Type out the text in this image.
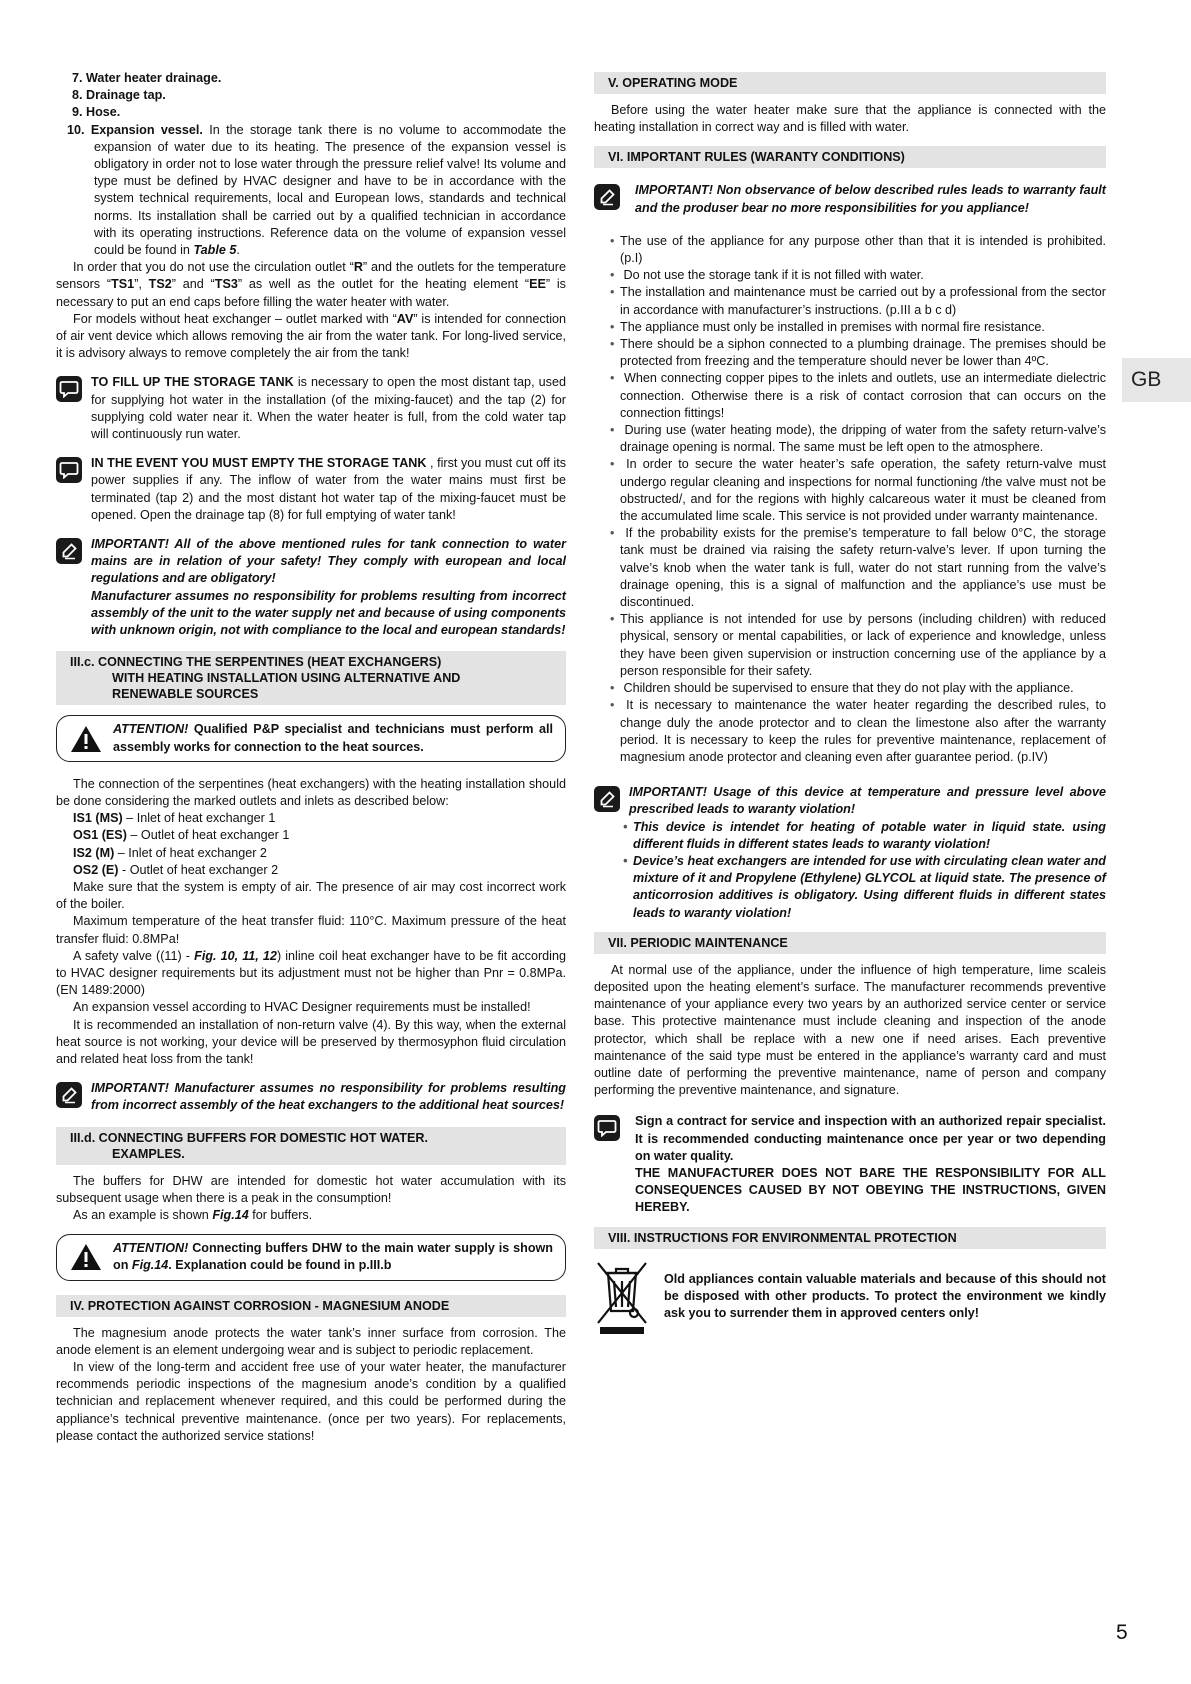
7. Water heater drainage.
8. Drainage tap.
9. Hose.
10. Expansion vessel. In the storage tank there is no volume to accommodate the expansion of water due to its heating. The presence of the expansion vessel is obligatory in order not to lose water through the pressure relief valve! Its volume and type must be defined by HVAC designer and have to be in accordance with the system technical requirements, local and European lows, standards and technical norms. Its installation shall be carried out by a qualified technician in accordance with its operating instructions. Reference data on the volume of expansion vessel could be found in Table 5.

In order that you do not use the circulation outlet “R” and the outlets for the temperature sensors “TS1”, TS2” and “TS3” as well as the outlet for the heating element “EE” is necessary to put an end caps before filling the water heater with water.

For models without heat exchanger – outlet marked with “AV” is intended for connection of air vent device which allows removing the air from the water tank. For long-lived service, it is advisory always to remove completely the air from the tank!

TO FILL UP THE STORAGE TANK is necessary to open the most distant tap, used for supplying hot water in the installation (of the mixing-faucet) and the tap (2) for supplying cold water near it. When the water heater is full, from the cold water tap will continuously run water.
IN THE EVENT YOU MUST EMPTY THE STORAGE TANK , first you must cut off its power supplies if any. The inflow of water from the water mains must first be terminated (tap 2) and the most distant hot water tap of the mixing-faucet must be opened. Open the drainage tap (8) for full emptying of water tank!
IMPORTANT! All of the above mentioned rules for tank connection to water mains are in relation of your safety! They comply with european and local regulations and are obligatory!
Manufacturer assumes no responsibility for problems resulting from incorrect assembly of the unit to the water supply net and because of using components with unknown origin, not with compliance to the local and european standards!
III.c. CONNECTING THE SERPENTINES (HEAT EXCHANGERS)
WITH HEATING INSTALLATION USING ALTERNATIVE AND
RENEWABLE SOURCES
ATTENTION! Qualified P&P specialist and technicians must perform all assembly works for connection to the heat sources.

The connection of the serpentines (heat exchangers) with the heating installation should be done considering the marked outlets and inlets as described below:

IS1 (MS) – Inlet of heat exchanger 1
OS1 (ES) – Outlet of heat exchanger 1
IS2 (M) – Inlet of heat exchanger 2
OS2 (E) - Outlet of heat exchanger 2

Make sure that the system is empty of air. The presence of air may cost incorrect work of the boiler.

Maximum temperature of the heat transfer fluid: 110°C. Maximum pressure of the heat transfer fluid: 0.8MPa!

A safety valve ((11) - Fig. 10, 11, 12) inline coil heat exchanger have to be fit according to HVAC designer requirements but its adjustment must not be higher than Pnr = 0.8MPa. (EN 1489:2000)

An expansion vessel according to HVAC Designer requirements must be installed!

It is recommended an installation of non-return valve (4). By this way, when the external heat source is not working, your device will be preserved by thermosyphon fluid circulation and related heat loss from the tank!

IMPORTANT! Manufacturer assumes no responsibility for problems resulting from incorrect assembly of the heat exchangers to the additional heat sources!
III.d. CONNECTING BUFFERS FOR DOMESTIC HOT WATER.
EXAMPLES.

The buffers for DHW are intended for domestic hot water accumulation with its subsequent usage when there is a peak in the consumption!

As an example is shown Fig.14 for buffers.

ATTENTION! Connecting buffers DHW to the main water supply is shown on Fig.14. Explanation could be found in p.III.b
IV. PROTECTION AGAINST CORROSION - MAGNESIUM ANODE

The magnesium anode protects the water tank’s inner surface from corrosion. The anode element is an element undergoing wear and is subject to periodic replacement.

In view of the long-term and accident free use of your water heater, the manufacturer recommends periodic inspections of the magnesium anode’s condition by a qualified technician and replacement whenever required, and this could be performed during the appliance’s technical preventive maintenance. (once per two years). For replacements, please contact the authorized service stations!

V. OPERATING MODE

Before using the water heater make sure that the appliance is connected with the heating installation in correct way and is filled with water.

VI. IMPORTANT RULES (WARANTY CONDITIONS)
IMPORTANT! Non observance of below described rules leads to warranty fault and the produser bear no more responsibilities for you appliance!
• The use of the appliance for any purpose other than that it is intended is prohibited. (p.I)
• Do not use the storage tank if it is not filled with water.
• The installation and maintenance must be carried out by a professional from the sector in accordance with manufacturer’s instructions. (p.III a b c d)
• The appliance must only be installed in premises with normal fire resistance.
• There should be a siphon connected to a plumbing drainage. The premises should be protected from freezing and the temperature should never be lower than 4ºC.
• When connecting copper pipes to the inlets and outlets, use an intermediate dielectric connection. Otherwise there is a risk of contact corrosion that can occurs on the connection fittings!
• During use (water heating mode), the dripping of water from the safety return-valve’s drainage opening is normal. The same must be left open to the atmosphere.
• In order to secure the water heater’s safe operation, the safety return-valve must undergo regular cleaning and inspections for normal functioning /the valve must not be obstructed/, and for the regions with highly calcareous water it must be cleaned from the accumulated lime scale. This service is not provided under warranty maintenance.
• If the probability exists for the premise’s temperature to fall below 0°C, the storage tank must be drained via raising the safety return-valve’s lever. If upon turning the valve’s knob when the water tank is full, water do not start running from the valve’s drainage opening, this is a signal of malfunction and the appliance’s use must be discontinued.
• This appliance is not intended for use by persons (including children) with reduced physical, sensory or mental capabilities, or lack of experience and knowledge, unless they have been given supervision or instruction concerning use of the appliance by a person responsible for their safety.
• Children should be supervised to ensure that they do not play with the appliance.
• It is necessary to maintenance the water heater regarding the described rules, to change duly the anode protector and to clean the limestone also after the warranty period. It is necessary to keep the rules for preventive maintenance, replacement of magnesium anode protector and cleaning even after guarantee period. (p.IV)
IMPORTANT! Usage of this device at temperature and pressure level above prescribed leads to waranty violation!
• This device is intendet for heating of potable water in liquid state. using different fluids in different states leads to waranty violation!
• Device’s heat exchangers are intended for use with circulating clean water and mixture of it and Propylene (Ethylene) GLYCOL at liquid state. The presence of anticorrosion additives is obligatory. Using different fluids in different states leads to waranty violation!
VII. PERIODIC MAINTENANCE

At normal use of the appliance, under the influence of high temperature, lime scaleis deposited upon the heating element’s surface. The manufacturer recommends preventive maintenance of your appliance every two years by an authorized service center or service base. This protective maintenance must include cleaning and inspection of the anode protector, which shall be replace with a new one if need arises. Each preventive maintenance of the said type must be entered in the appliance’s warranty card and must outline date of performing the preventive maintenance, name of person and company performing the preventive maintenance, and signature.

Sign a contract for service and inspection with an authorized repair specialist. It is recommended conducting maintenance once per year or two depending on water quality.
THE MANUFACTURER DOES NOT BARE THE RESPONSIBILITY FOR ALL CONSEQUENCES CAUSED BY NOT OBEYING THE INSTRUCTIONS, GIVEN HEREBY.
VIII. INSTRUCTIONS FOR ENVIRONMENTAL PROTECTION
Old appliances contain valuable materials and because of this should not be disposed with other products. To protect the environment we kindly ask you to surrender them in approved centers only!
GB
5
